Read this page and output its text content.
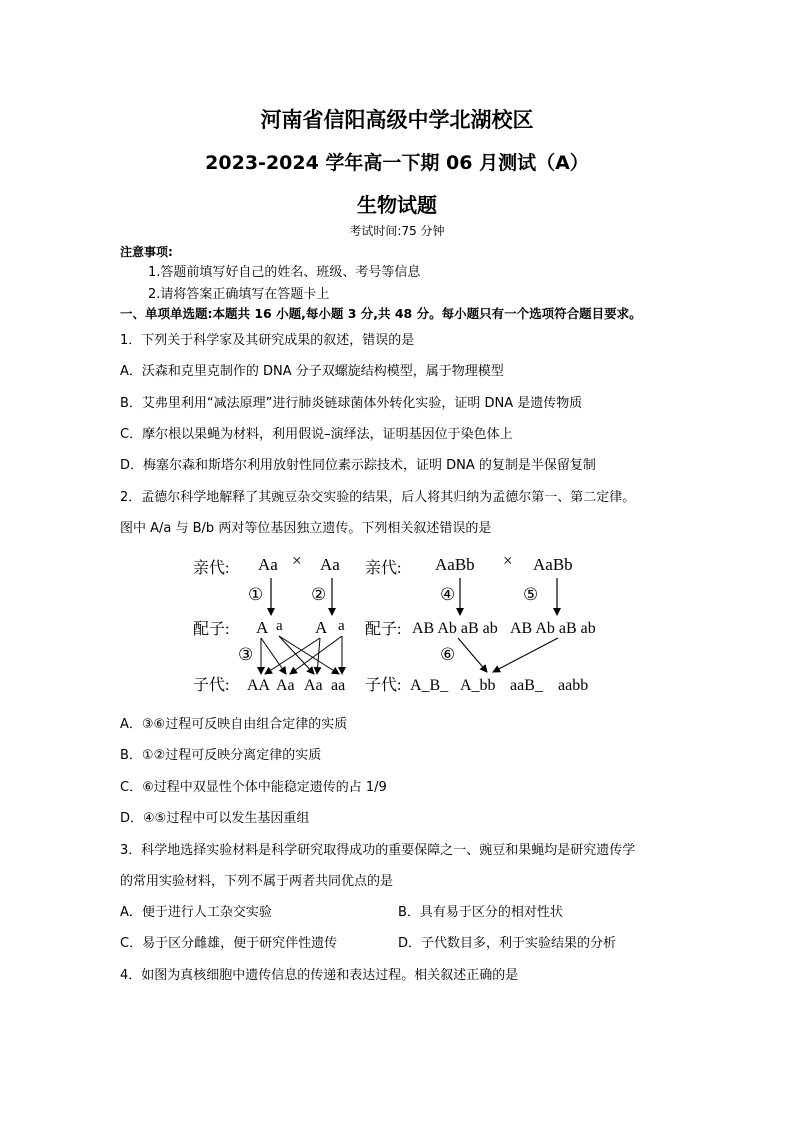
河南省信阳高级中学北湖校区
2023-2024 学年高一下期 06 月测试（A）
生物试题
考试时间:75 分钟
注意事项:
1.答题前填写好自己的姓名、班级、考号等信息
2.请将答案正确填写在答题卡上
一、单项单选题:本题共 16 小题,每小题 3 分,共 48 分。每小题只有一个选项符合题目要求。
1．下列关于科学家及其研究成果的叙述，错误的是
A．沃森和克里克制作的 DNA 分子双螺旋结构模型，属于物理模型
B．艾弗里利用“减法原理”进行肺炎链球菌体外转化实验，证明 DNA 是遗传物质
C．摩尔根以果蝇为材料，利用假说–演绎法，证明基因位于染色体上
D．梅塞尔森和斯塔尔利用放射性同位素示踪技术，证明 DNA 的复制是半保留复制
2．孟德尔科学地解释了其豌豆杂交实验的结果，后人将其归纳为孟德尔第一、第二定律。
图中 A/a 与 B/b 两对等位基因独立遗传。下列相关叙述错误的是
亲代:
配子:
子代:
亲代:
配子:
子代:
Aa × Aa
①	②
A a A a
③
AA Aa Aa aa
AaBb × AaBb
④	⑤
AB Ab aB ab AB Ab aB ab
⑥
A_B_ A_bb aaB_ aabb
A．③⑥过程可反映自由组合定律的实质
B．①②过程可反映分离定律的实质
C．⑥过程中双显性个体中能稳定遗传的占 1/9
D．④⑤过程中可以发生基因重组
3．科学地选择实验材料是科学研究取得成功的重要保障之一、豌豆和果蝇均是研究遗传学
的常用实验材料，下列不属于两者共同优点的是
A．便于进行人工杂交实验	B．具有易于区分的相对性状
C．易于区分雌雄，便于研究伴性遗传	D．子代数目多，利于实验结果的分析
4．如图为真核细胞中遗传信息的传递和表达过程。相关叙述正确的是
